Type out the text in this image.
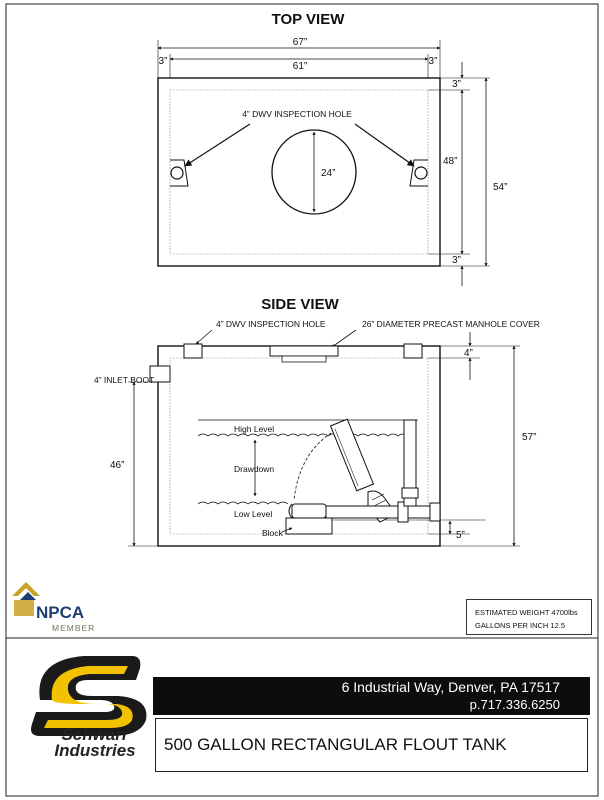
TOP VIEW
67”
61”
3”	3”
24”
4” DWV INSPECTION HOLE
3”
48”
54”
3”
SIDE VIEW
4” DWV INSPECTION HOLE	26” DIAMETER PRECAST MANHOLE COVER
4” INLET BOOT
4”
57”
46”
High Level
Drawdown
Low Level
Block	5”
NPCA
MEMBER
ESTIMATED WEIGHT 4700lbs
GALLONS PER INCH 12.5
Schwarr
Industries
6 Industrial Way, Denver, PA 17517
p.717.336.6250
500 GALLON RECTANGULAR FLOUT TANK
